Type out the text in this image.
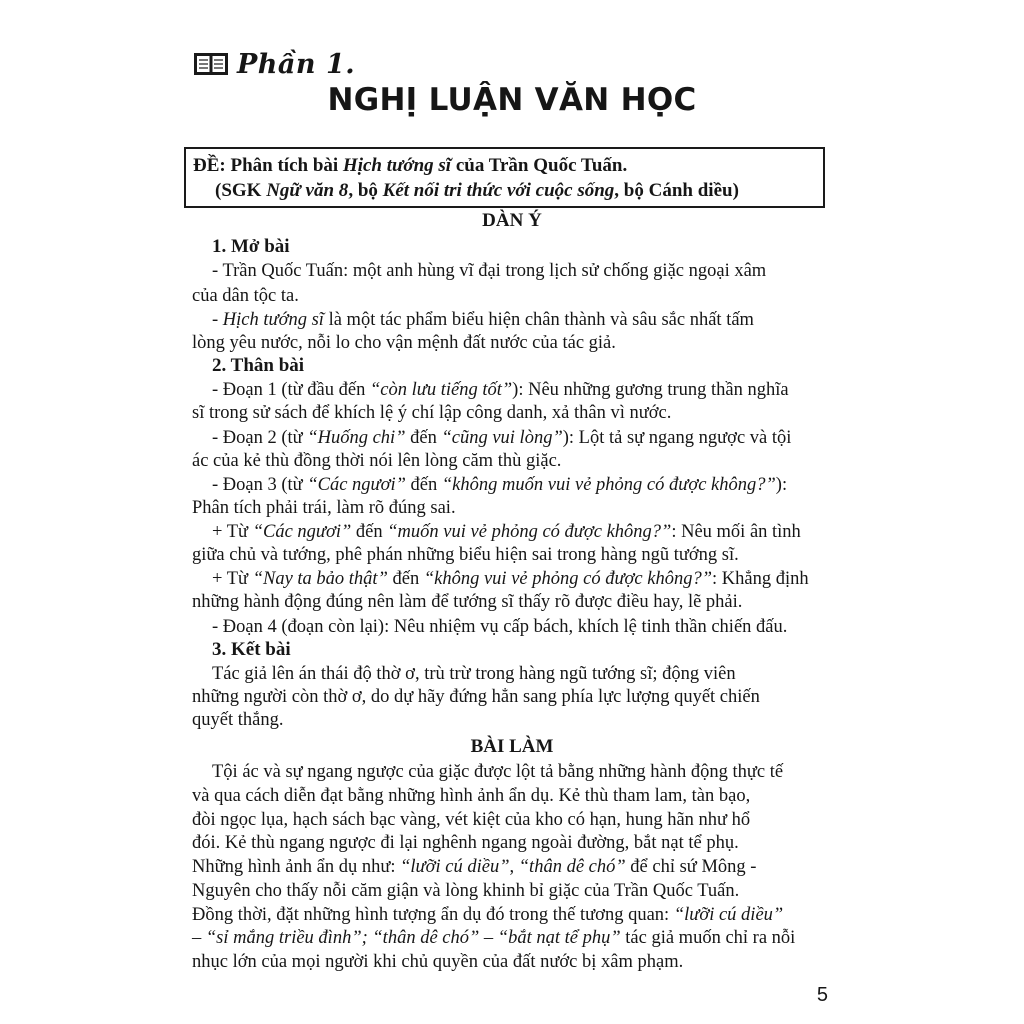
Phần 1.
NGHỊ LUẬN VĂN HỌC
ĐỀ: Phân tích bài Hịch tướng sĩ của Trần Quốc Tuấn.
(SGK Ngữ văn 8, bộ Kết nối tri thức với cuộc sống, bộ Cánh diều)
DÀN Ý
1. Mở bài
- Trần Quốc Tuấn: một anh hùng vĩ đại trong lịch sử chống giặc ngoại xâm
của dân tộc ta.
- Hịch tướng sĩ là một tác phẩm biểu hiện chân thành và sâu sắc nhất tấm
lòng yêu nước, nỗi lo cho vận mệnh đất nước của tác giả.
2. Thân bài
- Đoạn 1 (từ đầu đến “còn lưu tiếng tốt”): Nêu những gương trung thần nghĩa
sĩ trong sử sách để khích lệ ý chí lập công danh, xả thân vì nước.
- Đoạn 2 (từ “Huống chi” đến “cũng vui lòng”): Lột tả sự ngang ngược và tội
ác của kẻ thù đồng thời nói lên lòng căm thù giặc.
- Đoạn 3 (từ “Các ngươi” đến “không muốn vui vẻ phỏng có được không?”):
Phân tích phải trái, làm rõ đúng sai.
+ Từ “Các ngươi” đến “muốn vui vẻ phỏng có được không?”: Nêu mối ân tình
giữa chủ và tướng, phê phán những biểu hiện sai trong hàng ngũ tướng sĩ.
+ Từ “Nay ta bảo thật” đến “không vui vẻ phỏng có được không?”: Khẳng định
những hành động đúng nên làm để tướng sĩ thấy rõ được điều hay, lẽ phải.
- Đoạn 4 (đoạn còn lại): Nêu nhiệm vụ cấp bách, khích lệ tinh thần chiến đấu.
3. Kết bài
Tác giả lên án thái độ thờ ơ, trù trừ trong hàng ngũ tướng sĩ; động viên
những người còn thờ ơ, do dự hãy đứng hẳn sang phía lực lượng quyết chiến
quyết thắng.
BÀI LÀM
Tội ác và sự ngang ngược của giặc được lột tả bằng những hành động thực tế
và qua cách diễn đạt bằng những hình ảnh ẩn dụ. Kẻ thù tham lam, tàn bạo,
đòi ngọc lụa, hạch sách bạc vàng, vét kiệt của kho có hạn, hung hãn như hổ
đói. Kẻ thù ngang ngược đi lại nghênh ngang ngoài đường, bắt nạt tể phụ.
Những hình ảnh ẩn dụ như: “lưỡi cú diều”, “thân dê chó” để chỉ sứ Mông -
Nguyên cho thấy nỗi căm giận và lòng khinh bỉ giặc của Trần Quốc Tuấn.
Đồng thời, đặt những hình tượng ẩn dụ đó trong thế tương quan: “lưỡi cú diều”
– “sỉ mắng triều đình”; “thân dê chó” – “bắt nạt tể phụ” tác giả muốn chỉ ra nỗi
nhục lớn của mọi người khi chủ quyền của đất nước bị xâm phạm.
5
